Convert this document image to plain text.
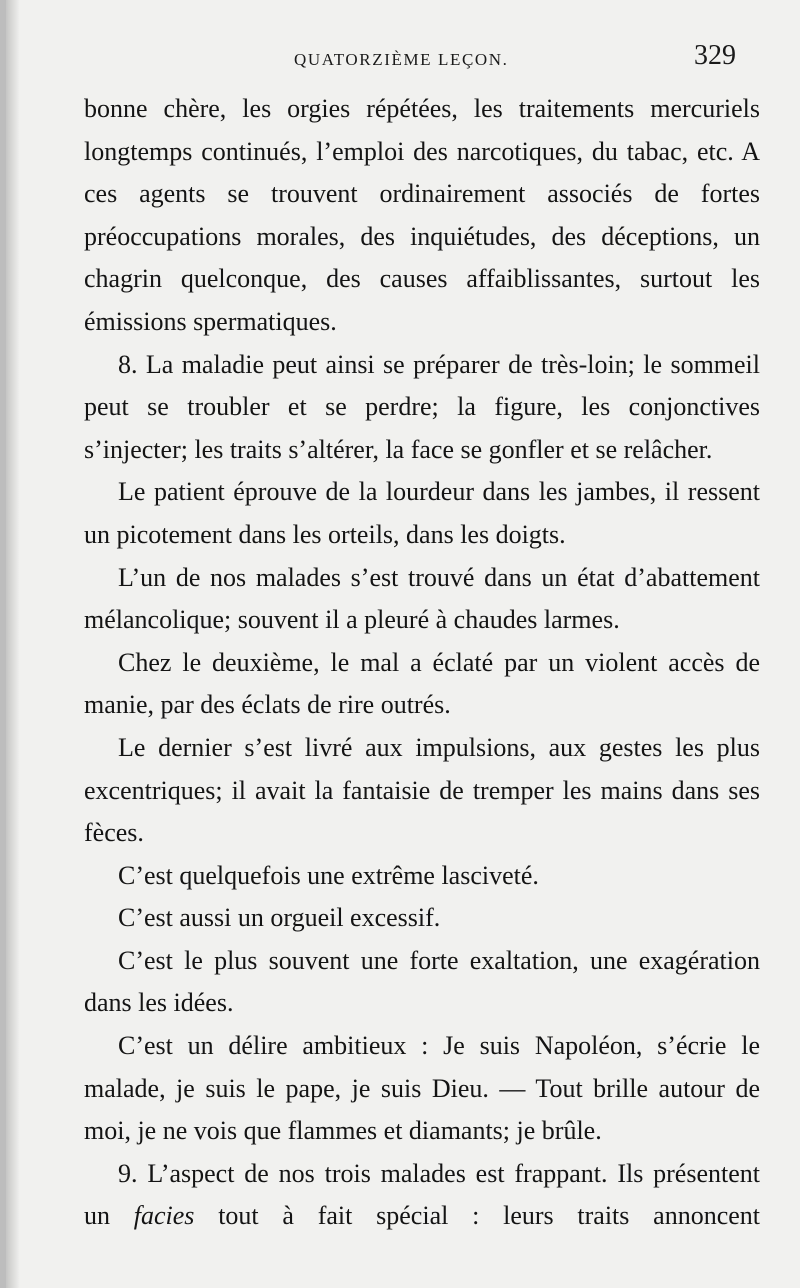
QUATORZIÈME LEÇON.	329

bonne chère, les orgies répétées, les traitements mercuriels longtemps continués, l’emploi des narcotiques, du tabac, etc. A ces agents se trouvent ordinairement associés de fortes préoccupations morales, des inquiétudes, des déceptions, un chagrin quelconque, des causes affaiblissantes, surtout les émissions spermatiques.

8. La maladie peut ainsi se préparer de très-loin; le sommeil peut se troubler et se perdre; la figure, les conjonctives s’injecter; les traits s’altérer, la face se gonfler et se relâcher.

Le patient éprouve de la lourdeur dans les jambes, il ressent un picotement dans les orteils, dans les doigts.

L’un de nos malades s’est trouvé dans un état d’abattement mélancolique; souvent il a pleuré à chaudes larmes.

Chez le deuxième, le mal a éclaté par un violent accès de manie, par des éclats de rire outrés.

Le dernier s’est livré aux impulsions, aux gestes les plus excentriques; il avait la fantaisie de tremper les mains dans ses fèces.

C’est quelquefois une extrême lasciveté.

C’est aussi un orgueil excessif.

C’est le plus souvent une forte exaltation, une exagération dans les idées.

C’est un délire ambitieux : Je suis Napoléon, s’écrie le malade, je suis le pape, je suis Dieu. — Tout brille autour de moi, je ne vois que flammes et diamants; je brûle.

9. L’aspect de nos trois malades est frappant. Ils présentent un facies tout à fait spécial : leurs traits annoncent
